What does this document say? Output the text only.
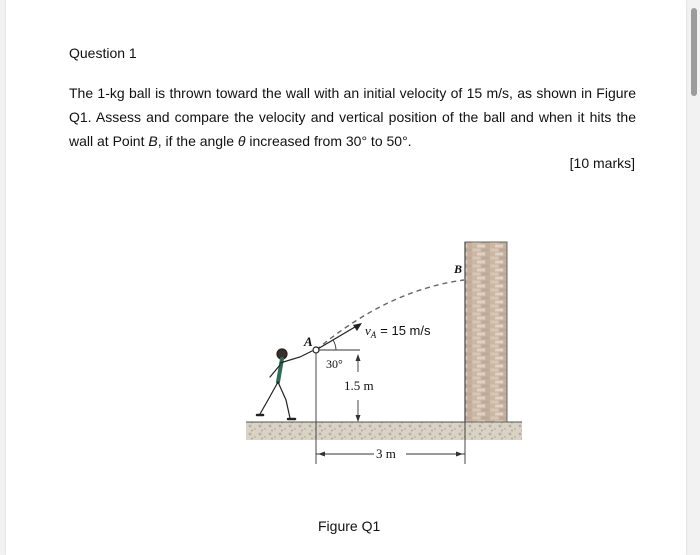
Question 1
The 1-kg ball is thrown toward the wall with an initial velocity of 15 m/s, as shown in Figure Q1. Assess and compare the velocity and vertical position of the ball and when it hits the wall at Point B, if the angle θ increased from 30° to 50°.
[10 marks]
A
B
$v_A = 15$ m/s
30°
1.5 m
3 m
Figure Q1
